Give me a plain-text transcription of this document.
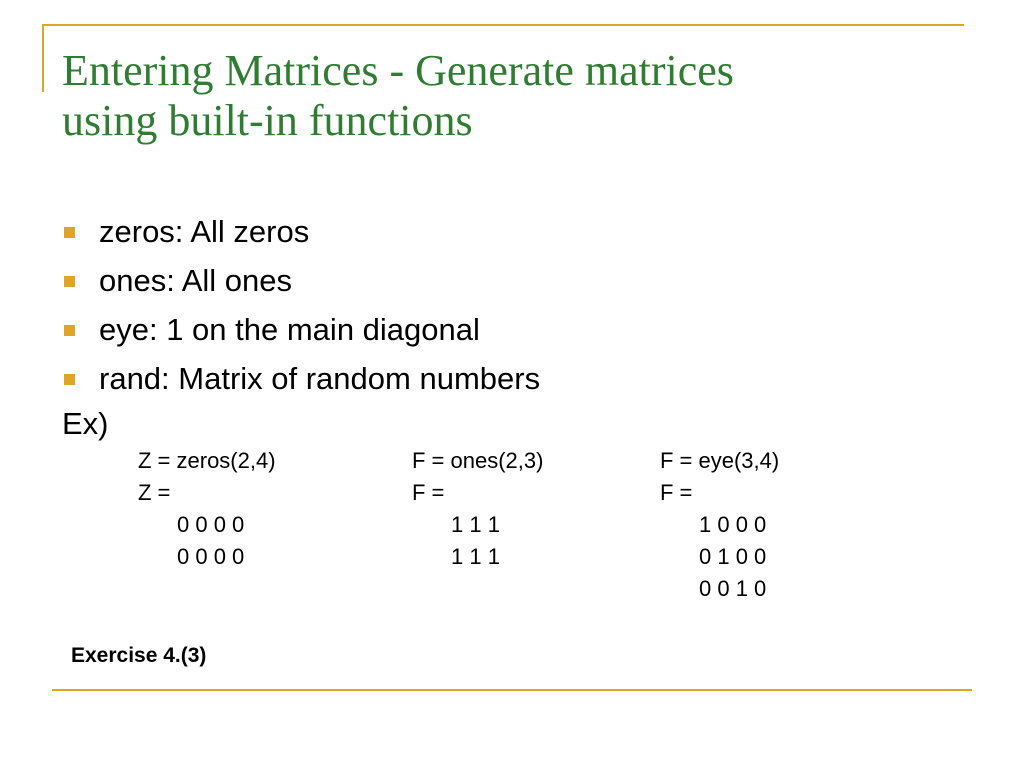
Entering Matrices - Generate matrices
using built-in functions
zeros: All zeros
ones: All ones
eye: 1 on the main diagonal
rand: Matrix of random numbers
Ex)
Z = zeros(2,4)
Z =
0 0 0 0
0 0 0 0
F = ones(2,3)
F =
1 1 1
1 1 1
F = eye(3,4)
F =
1 0 0 0
0 1 0 0
0 0 1 0
Exercise 4.(3)
